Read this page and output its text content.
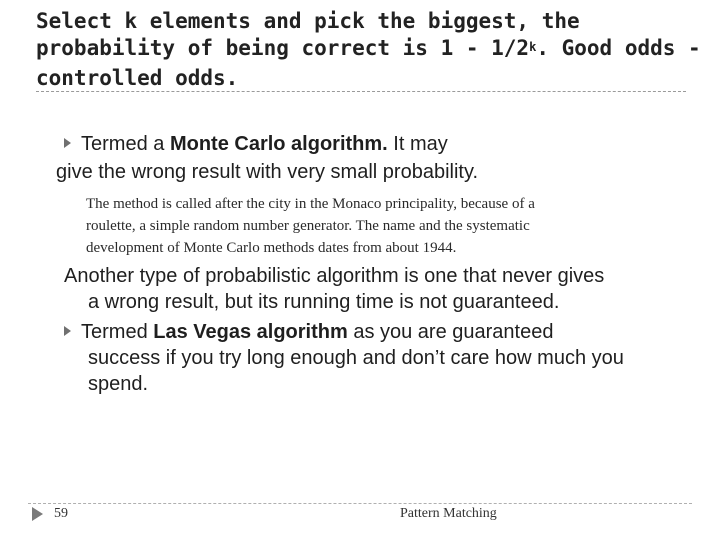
Select k elements and pick the biggest, the
probability of being correct is 1 - 1/2$^k$. Good odds -
controlled odds.
Termed a Monte Carlo algorithm. It may
give the wrong result with very small probability.
The method is called after the city in the Monaco principality, because of a
roulette, a simple random number generator. The name and the systematic
development of Monte Carlo methods dates from about 1944.
Another type of probabilistic algorithm is one that never gives
a wrong result, but its running time is not guaranteed.
Termed Las Vegas algorithm as you are guaranteed
success if you try long enough and don’t care how much you
spend.
59	Pattern Matching
